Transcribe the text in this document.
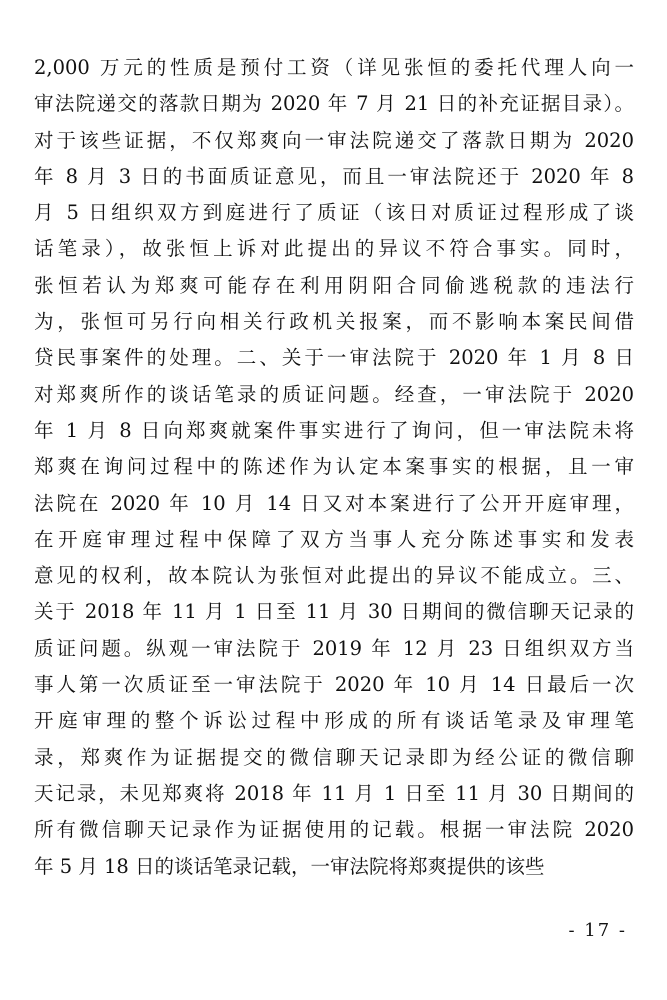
2,000 万元的性质是预付工资（详见张恒的委托代理人向一
审法院递交的落款日期为 2020 年 7 月 21 日的补充证据目录）。
对于该些证据，不仅郑爽向一审法院递交了落款日期为 2020
年 8 月 3 日的书面质证意见，而且一审法院还于 2020 年 8
月 5 日组织双方到庭进行了质证（该日对质证过程形成了谈
话笔录），故张恒上诉对此提出的异议不符合事实。同时，
张恒若认为郑爽可能存在利用阴阳合同偷逃税款的违法行
为，张恒可另行向相关行政机关报案，而不影响本案民间借
贷民事案件的处理。二、关于一审法院于 2020 年 1 月 8 日
对郑爽所作的谈话笔录的质证问题。经查，一审法院于 2020
年 1 月 8 日向郑爽就案件事实进行了询问，但一审法院未将
郑爽在询问过程中的陈述作为认定本案事实的根据，且一审
法院在 2020 年 10 月 14 日又对本案进行了公开开庭审理，
在开庭审理过程中保障了双方当事人充分陈述事实和发表
意见的权利，故本院认为张恒对此提出的异议不能成立。三、
关于 2018 年 11 月 1 日至 11 月 30 日期间的微信聊天记录的
质证问题。纵观一审法院于 2019 年 12 月 23 日组织双方当
事人第一次质证至一审法院于 2020 年 10 月 14 日最后一次
开庭审理的整个诉讼过程中形成的所有谈话笔录及审理笔
录，郑爽作为证据提交的微信聊天记录即为经公证的微信聊
天记录，未见郑爽将 2018 年 11 月 1 日至 11 月 30 日期间的
所有微信聊天记录作为证据使用的记载。根据一审法院 2020
年 5 月 18 日的谈话笔录记载，一审法院将郑爽提供的该些
- 17 -
